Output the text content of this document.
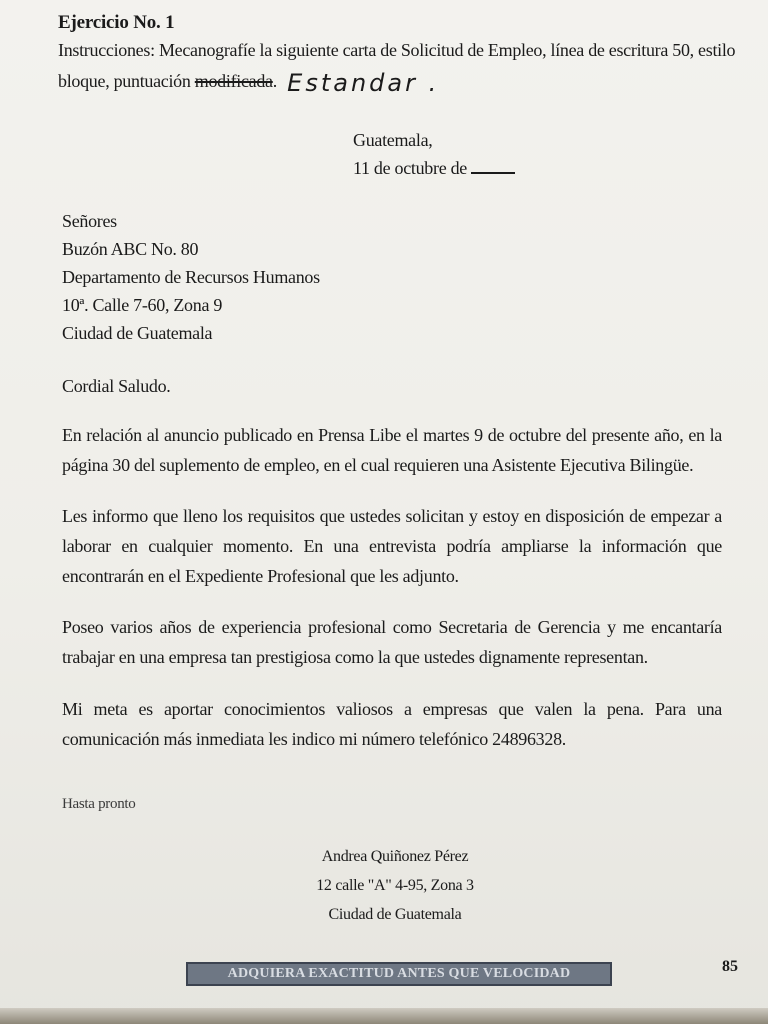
Ejercicio No. 1
Instrucciones: Mecanografíe la siguiente carta de Solicitud de Empleo, línea de escritura 50, estilo bloque, puntuación modificada. Estandar .

Guatemala,

11 de octubre de

Señores

Buzón ABC No. 80

Departamento de Recursos Humanos

10ª. Calle 7-60, Zona 9

Ciudad de Guatemala

Cordial Saludo.
En relación al anuncio publicado en Prensa Libe el martes 9 de octubre del presente año, en la página 30 del suplemento de empleo, en el cual requieren una Asistente Ejecutiva Bilingüe.
Les informo que lleno los requisitos que ustedes solicitan y estoy en disposición de empezar a laborar en cualquier momento. En una entrevista podría ampliarse la información que encontrarán en el Expediente Profesional que les adjunto.
Poseo varios años de experiencia profesional como Secretaria de Gerencia y me encantaría trabajar en una empresa tan prestigiosa como la que ustedes dignamente representan.
Mi meta es aportar conocimientos valiosos a empresas que valen la pena. Para una comunicación más inmediata les indico mi número telefónico 24896328.
Hasta pronto

Andrea Quiñonez Pérez

12 calle "A" 4-95, Zona 3

Ciudad de Guatemala

ADQUIERA EXACTITUD ANTES QUE VELOCIDAD	85
